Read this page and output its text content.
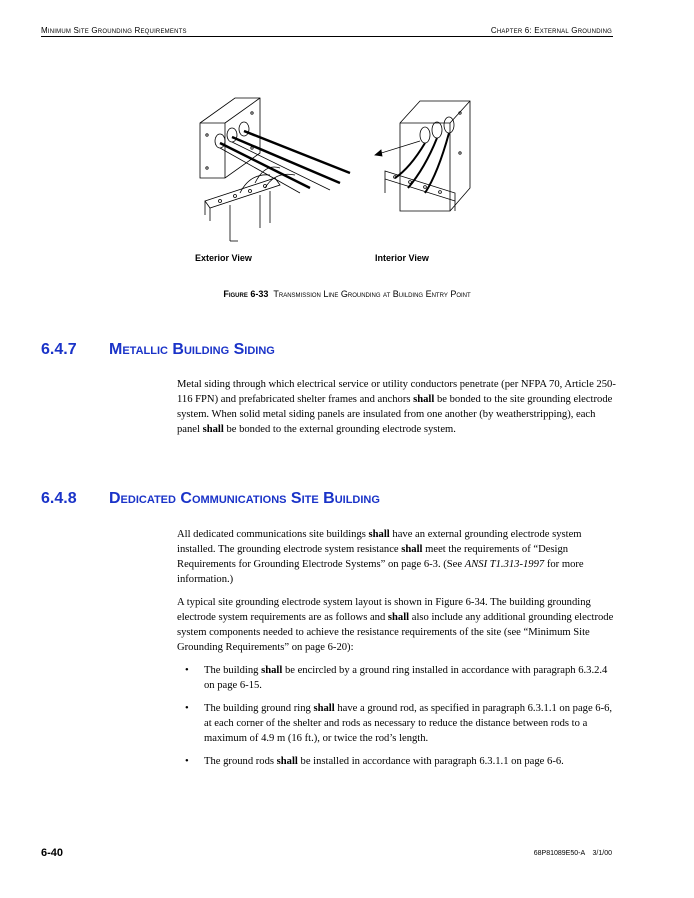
Minimum Site Grounding Requirements	Chapter 6: External Grounding
Exterior View	Interior View
Figure 6-33 Transmission Line Grounding at Building Entry Point
6.4.7 Metallic Building Siding

Metal siding through which electrical service or utility conductors penetrate (per NFPA 70, Article 250-116 FPN) and prefabricated shelter frames and anchors shall be bonded to the site grounding electrode system. When solid metal siding panels are insulated from one another (by weatherstripping), each panel shall be bonded to the external grounding electrode system.

6.4.8 Dedicated Communications Site Building

All dedicated communications site buildings shall have an external grounding electrode system installed. The grounding electrode system resistance shall meet the requirements of “Design Requirements for Grounding Electrode Systems” on page 6-3. (See ANSI T1.313-1997 for more information.)

A typical site grounding electrode system layout is shown in Figure 6-34. The building grounding electrode system requirements are as follows and shall also include any additional grounding electrode system components needed to achieve the resistance requirements of the site (see “Minimum Site Grounding Requirements” on page 6-20):

• The building shall be encircled by a ground ring installed in accordance with paragraph 6.3.2.4 on page 6-15.
• The building ground ring shall have a ground rod, as specified in paragraph 6.3.1.1 on page 6-6, at each corner of the shelter and rods as necessary to reduce the distance between rods to a maximum of 4.9 m (16 ft.), or twice the rod’s length.
• The ground rods shall be installed in accordance with paragraph 6.3.1.1 on page 6-6.
6-40	68P81089E50-A    3/1/00
